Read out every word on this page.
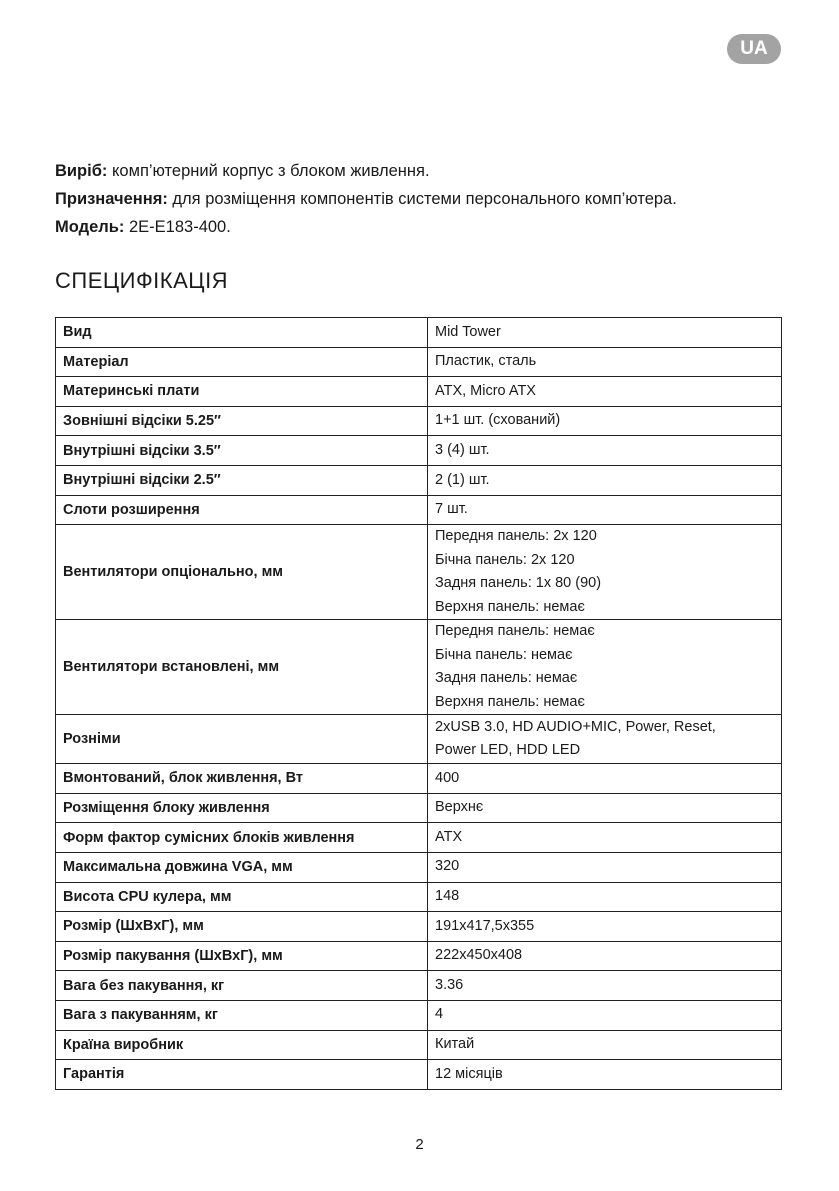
UA

Виріб: комп’ютерний корпус з блоком живлення.

Призначення: для розміщення компонентів системи персонального комп’ютера.

Модель: 2E-E183-400.

СПЕЦИФІКАЦІЯ
Вид	Mid Tower

Матеріал	Пластик, сталь

Материнські плати	ATX, Micro ATX

Зовнішні відсіки 5.25″	1+1 шт. (схований)

Внутрішні відсіки 3.5″	3 (4) шт.

Внутрішні відсіки 2.5″	2 (1) шт.

Слоти розширення	7 шт.

Вентилятори опціонально, мм	Передня панель: 2x 120
Бічна панель: 2x 120
Задня панель: 1x 80 (90)
Верхня панель: немає

Вентилятори встановлені, мм	Передня панель: немає
Бічна панель: немає
Задня панель: немає
Верхня панель: немає

Розніми	2xUSB 3.0, HD AUDIO+MIC, Power, Reset,
Power LED, HDD LED

Вмонтований, блок живлення, Вт	400

Розміщення блоку живлення	Верхнє

Форм фактор сумісних блоків живлення	ATX

Максимальна довжина VGA, мм	320

Висота CPU кулера, мм	148

Розмір (ШхВхГ), мм	191x417,5x355

Розмір пакування (ШхВхГ), мм	222x450x408

Вага без пакування, кг	3.36

Вага з пакуванням, кг	4

Країна виробник	Китай

Гарантія	12 місяців
2
